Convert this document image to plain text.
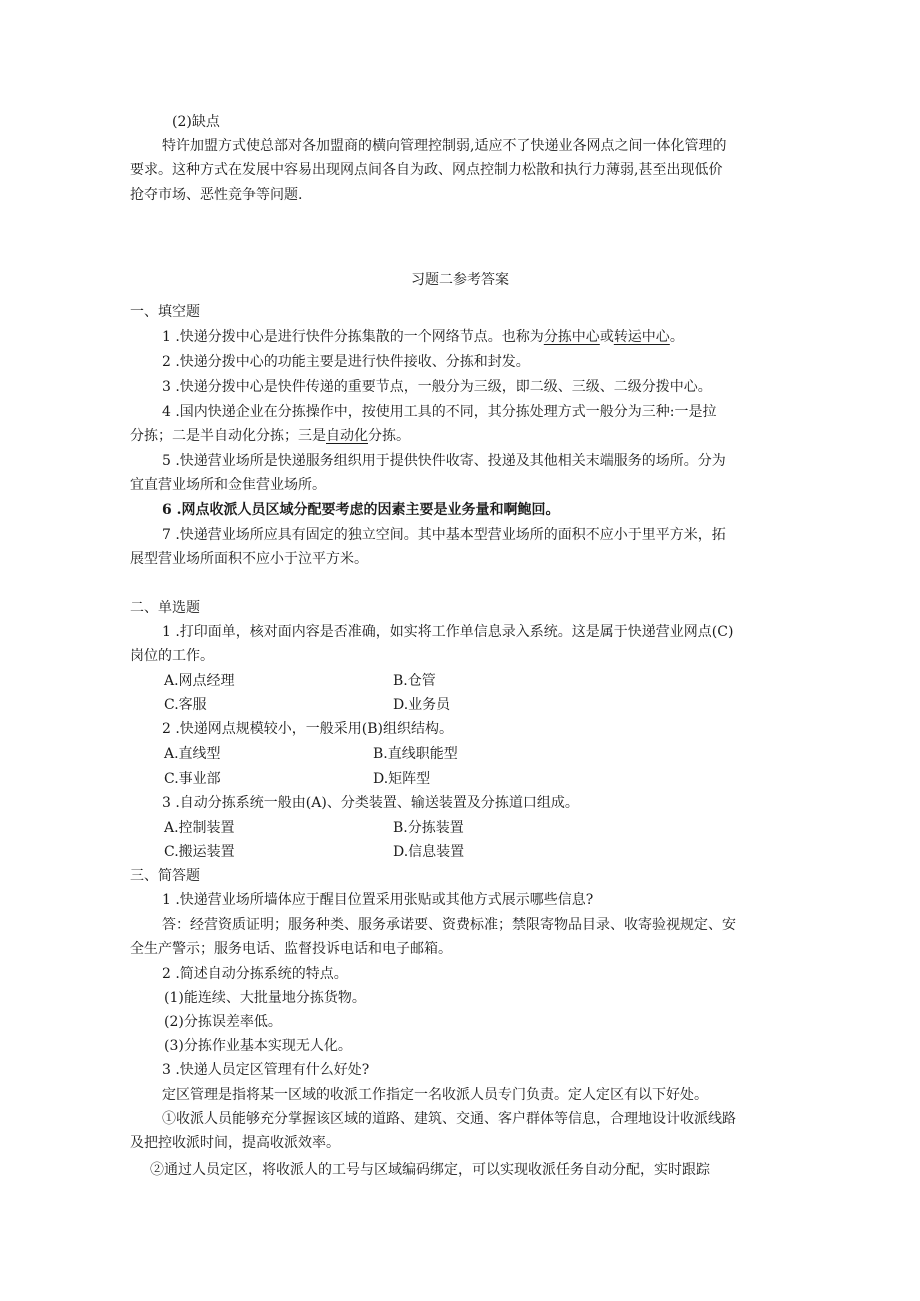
(2)缺点
特许加盟方式使总部对各加盟商的横向管理控制弱,适应不了快递业各网点之间一体化管理的
要求。这种方式在发展中容易出现网点间各自为政、网点控制力松散和执行力薄弱,甚至出现低价
抢夺市场、恶性竞争等问题.
习题二参考答案
一、填空题
1 .快递分拨中心是进行快件分拣集散的一个网络节点。也称为分拣中心或转运中心。
2 .快递分拨中心的功能主要是进行快件接收、分拣和封发。
3 .快递分拨中心是快件传递的重要节点，一般分为三级，即二级、三级、二级分拨中心。
4 .国内快递企业在分拣操作中，按使用工具的不同，其分拣处理方式一般分为三种:一是拉
分拣；二是半自动化分拣；三是自动化分拣。
5 .快递营业场所是快递服务组织用于提供快件收寄、投递及其他相关末端服务的场所。分为
宜直营业场所和佥隹营业场所。
6 .网点收派人员区域分配要考虑的因素主要是业务量和啊鲍回。
7 .快递营业场所应具有固定的独立空间。其中基本型营业场所的面积不应小于里平方米，拓
展型营业场所面积不应小于泣平方米。
二、单选题
1 .打印面单，核对面内容是否准确，如实将工作单信息录入系统。这是属于快递营业网点(C)
岗位的工作。
A.网点经理	B.仓管
C.客服	D.业务员
2 .快递网点规模较小，一般采用(B)组织结构。
A.直线型	B.直线职能型
C.事业部	D.矩阵型
3 .自动分拣系统一般由(A)、分类装置、输送装置及分拣道口组成。
A.控制装置	B.分拣装置
C.搬运装置	D.信息装置
三、简答题
1 .快递营业场所墙体应于醒目位置采用张贴或其他方式展示哪些信息?
答：经营资质证明；服务种类、服务承诺要、资费标准；禁限寄物品目录、收寄验视规定、安
全生产警示；服务电话、监督投诉电话和电子邮箱。
2 .简述自动分拣系统的特点。
(1)能连续、大批量地分拣货物。
(2)分拣误差率低。
(3)分拣作业基本实现无人化。
3 .快递人员定区管理有什么好处?
定区管理是指将某一区域的收派工作指定一名收派人员专门负责。定人定区有以下好处。
①收派人员能够充分掌握该区域的道路、建筑、交通、客户群体等信息，合理地设计收派线路
及把控收派时间，提高收派效率。
②通过人员定区，将收派人的工号与区域编码绑定，可以实现收派任务自动分配，实时跟踪
